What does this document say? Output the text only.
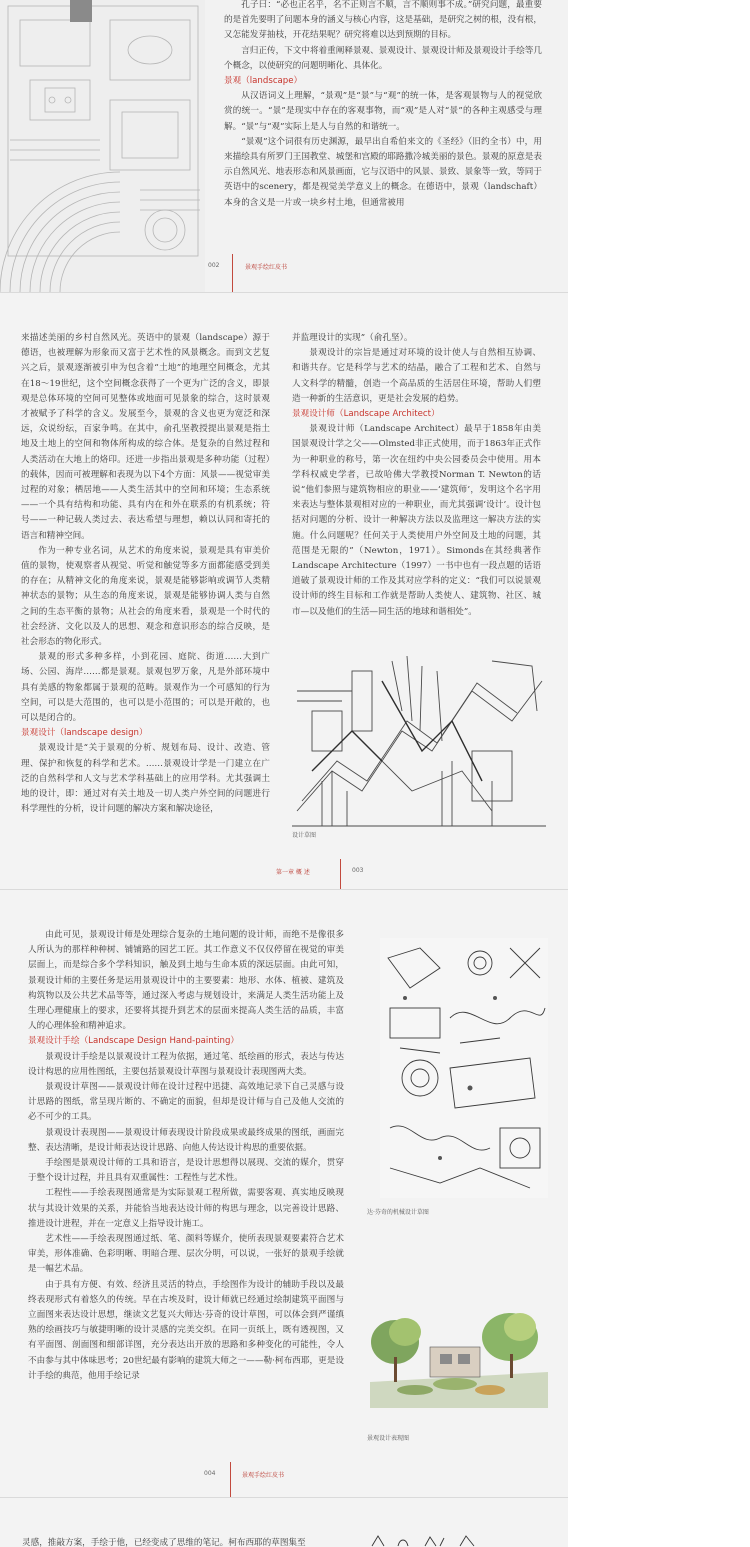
孔子曰：“必也正名乎，名不正则言不顺，言不顺则事不成。”研究问题，最重要的是首先要明了问题本身的涵义与核心内容，这是基础，是研究之树的根，没有根，又怎能发芽抽枝，开花结果呢？研究将难以达到预期的目标。

言归正传，下文中将着重阐释景观、景观设计、景观设计师及景观设计手绘等几个概念，以使研究的问题明晰化、具体化。

景观（landscape）

从汉语词义上理解，“景观”是“景”与“观”的统一体，是客观景物与人的视觉欣赏的统一。“景”是现实中存在的客观事物，而“观”是人对“景”的各种主观感受与理解。“景”与“观”实际上是人与自然的和谐统一。

“景观”这个词很有历史渊源，最早出自希伯来文的《圣经》（旧约全书）中，用来描绘具有所罗门王国教堂、城堡和宫殿的耶路撒冷城美丽的景色。景观的原意是表示自然风光、地表形态和风景画面，它与汉语中的风景、景致、景象等一致，等同于英语中的scenery，都是视觉美学意义上的概念。在德语中，景观（landschaft）本身的含义是一片或一块乡村土地，但通常被用

002	景观手绘红皮书

来描述美丽的乡村自然风光。英语中的景观（landscape）源于德语，也被理解为形象而又富于艺术性的风景概念。而到文艺复兴之后，景观逐渐被引申为包含着“土地”的地理空间概念，尤其在18～19世纪，这个空间概念获得了一个更为广泛的含义，即景观是总体环境的空间可见整体或地面可见景象的综合，这时景观才被赋予了科学的含义。发展至今，景观的含义也更为宽泛和深远，众说纷纭，百家争鸣。在其中，俞孔坚教授提出景观是指土地及土地上的空间和物体所构成的综合体。是复杂的自然过程和人类活动在大地上的烙印。还进一步指出景观是多种功能（过程）的载体，因而可被理解和表现为以下4个方面：风景——视觉审美过程的对象；栖居地——人类生活其中的空间和环境；生态系统——一个具有结构和功能、具有内在和外在联系的有机系统；符号——一种记载人类过去、表达希望与理想，赖以认同和寄托的语言和精神空间。

作为一种专业名词，从艺术的角度来说，景观是具有审美价值的景物，使观察者从视觉、听觉和触觉等多方面都能感受到美的存在；从精神文化的角度来说，景观是能够影响或调节人类精神状态的景物；从生态的角度来说，景观是能够协调人类与自然之间的生态平衡的景物；从社会的角度来看，景观是一个时代的社会经济、文化以及人的思想、观念和意识形态的综合反映，是社会形态的物化形式。

景观的形式多种多样，小到花园、庭院、街道……大到广场、公园、海岸……都是景观。景观包罗万象，凡是外部环境中具有美感的物象都属于景观的范畴。景观作为一个可感知的行为空间，可以是大范围的，也可以是小范围的；可以是开敞的，也可以是闭合的。

景观设计（landscape design）

景观设计是“关于景观的分析、规划布局、设计、改造、管理、保护和恢复的科学和艺术。……景观设计学是一门建立在广泛的自然科学和人文与艺术学科基础上的应用学科。尤其强调土地的设计，即：通过对有关土地及一切人类户外空间的问题进行科学理性的分析，设计问题的解决方案和解决途径，

并监理设计的实现”（俞孔坚）。

景观设计的宗旨是通过对环境的设计使人与自然相互协调、和谐共存。它是科学与艺术的结晶，融合了工程和艺术、自然与人文科学的精髓，创造一个高品质的生活居住环境，帮助人们塑造一种新的生活意识，更是社会发展的趋势。

景观设计师（Landscape Architect）

景观设计师（Landscape Architect）最早于1858年由美国景观设计学之父——Olmsted非正式使用，而于1863年正式作为一种职业的称号，第一次在纽约中央公园委员会中使用。用本学科权威史学者，已故哈佛大学教授Norman T. Newton的话说“他们参照与建筑物相应的职业——‘建筑师’，发明这个名字用来表达与整体景观相对应的一种职业，而尤其强调‘设计’。设计包括对问题的分析、设计一种解决方法以及监理这一解决方法的实施。什么问题呢？任何关于人类使用户外空间及土地的问题，其范围是无限的”（Newton，1971）。Simonds在其经典著作Landscape Architecture（1997）一书中也有一段点题的话语道破了景观设计师的工作及其对应学科的定义：“我们可以说景观设计师的终生目标和工作就是帮助人类使人、建筑物、社区、城市—以及他们的生活—同生活的地球和谐相处”。

设计草图
第一章 概 述	003

由此可见，景观设计师是处理综合复杂的土地问题的设计师，而绝不是像很多人所认为的那样种种树、铺铺路的园艺工匠。其工作意义不仅仅停留在视觉的审美层面上，而是综合多个学科知识，触及到土地与生命本质的深远层面。由此可知，景观设计师的主要任务是运用景观设计中的主要要素：地形、水体、植被、建筑及构筑物以及公共艺术品等等，通过深入考虑与规划设计，来满足人类生活功能上及生理心理健康上的要求，还要将其提升到艺术的层面来提高人类生活的品质，丰富人的心理体验和精神追求。

景观设计手绘（Landscape Design Hand-painting）

景观设计手绘是以景观设计工程为依据，通过笔、纸绘画的形式，表达与传达设计构思的应用性图纸，主要包括景观设计草图与景观设计表现图两大类。

景观设计草图——景观设计师在设计过程中迅捷、高效地记录下自己灵感与设计思路的图纸，常呈现片断的、不确定的面貌，但却是设计师与自己及他人交流的必不可少的工具。

景观设计表现图——景观设计师表现设计阶段成果或最终成果的图纸，画面完整、表达清晰，是设计师表达设计思路、向他人传达设计构思的重要依据。

手绘图是景观设计师的工具和语言，是设计思想得以展现、交流的媒介，贯穿于整个设计过程，并且具有双重属性：工程性与艺术性。

工程性——手绘表现图通常是为实际景观工程所做，需要客观、真实地反映现状与其设计效果的关系，并能恰当地表达设计师的构思与理念，以完善设计思路、推进设计进程，并在一定意义上指导设计施工。

艺术性——手绘表现图通过纸、笔、颜料等媒介，使所表现景观要素符合艺术审美，形体准确、色彩明晰、明暗合理、层次分明，可以说，一张好的景观手绘就是一幅艺术品。

由于具有方便、有效、经济且灵活的特点，手绘图作为设计的辅助手段以及最终表现形式有着悠久的传统。早在古埃及时，设计师就已经通过绘制建筑平面图与立面图来表达设计思想，继读文艺复兴大师达·芬奇的设计草图，可以体会到严谨缜熟的绘画技巧与敏捷明晰的设计灵感的完美交织。在同一页纸上，既有透视图，又有平面图、剖面图和细部详图，充分表达出开放的思路和多种变化的可能性，令人不由参与其中体味思考；20世纪最有影响的建筑大师之一——勒·柯布西耶，更是设计手绘的典范，他用手绘记录

达·芬奇的机械设计草图
景观设计表现图
004	景观手绘红皮书

灵感，推敲方案，手绘于他，已经变成了思维的笔记。柯布西耶的草图集至
